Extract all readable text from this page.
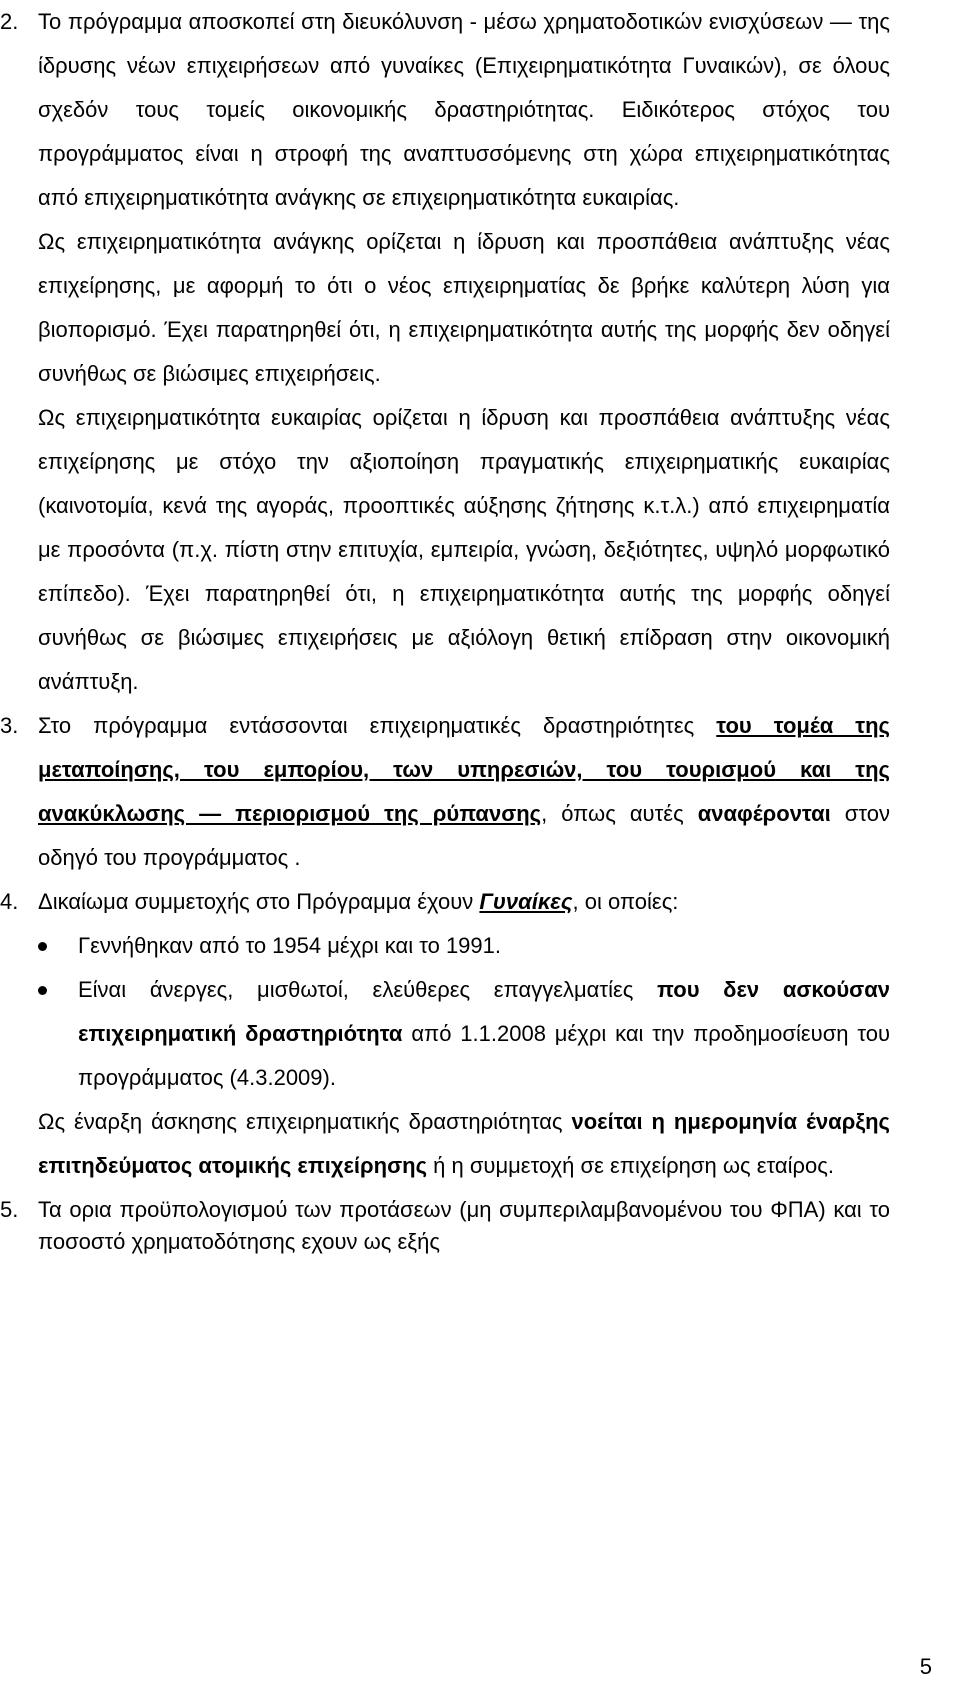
2. Το πρόγραμμα αποσκοπεί στη διευκόλυνση - μέσω χρηματοδοτικών ενισχύσεων — της ίδρυσης νέων επιχειρήσεων από γυναίκες (Επιχειρηματικότητα Γυναικών), σε όλους σχεδόν τους τομείς οικονομικής δραστηριότητας. Ειδικότερος στόχος του προγράμματος είναι η στροφή της αναπτυσσόμενης στη χώρα επιχειρηματικότητας από επιχειρηματικότητα ανάγκης σε επιχειρηματικότητα ευκαιρίας.

Ως επιχειρηματικότητα ανάγκης ορίζεται η ίδρυση και προσπάθεια ανάπτυξης νέας επιχείρησης, με αφορμή το ότι ο νέος επιχειρηματίας δε βρήκε καλύτερη λύση για βιοπορισμό. Έχει παρατηρηθεί ότι, η επιχειρηματικότητα αυτής της μορφής δεν οδηγεί συνήθως σε βιώσιμες επιχειρήσεις.

Ως επιχειρηματικότητα ευκαιρίας ορίζεται η ίδρυση και προσπάθεια ανάπτυξης νέας επιχείρησης με στόχο την αξιοποίηση πραγματικής επιχειρηματικής ευκαιρίας (καινοτομία, κενά της αγοράς, προοπτικές αύξησης ζήτησης κ.τ.λ.) από επιχειρηματία με προσόντα (π.χ. πίστη στην επιτυχία, εμπειρία, γνώση, δεξιότητες, υψηλό μορφωτικό επίπεδο). Έχει παρατηρηθεί ότι, η επιχειρηματικότητα αυτής της μορφής οδηγεί συνήθως σε βιώσιμες επιχειρήσεις με αξιόλογη θετική επίδραση στην οικονομική ανάπτυξη.

3. Στο πρόγραμμα εντάσσονται επιχειρηματικές δραστηριότητες του τομέα της μεταποίησης, του εμπορίου, των υπηρεσιών, του τουρισμού και της ανακύκλωσης — περιορισμού της ρύπανσης, όπως αυτές αναφέρονται στον οδηγό του προγράμματος .

4. Δικαίωμα συμμετοχής στο Πρόγραμμα έχουν Γυναίκες, οι οποίες:

Γεννήθηκαν από το 1954 μέχρι και το 1991.
Είναι άνεργες, μισθωτοί, ελεύθερες επαγγελματίες που δεν ασκούσαν επιχειρηματική δραστηριότητα από 1.1.2008 μέχρι και την προδημοσίευση του προγράμματος (4.3.2009).

Ως έναρξη άσκησης επιχειρηματικής δραστηριότητας νοείται η ημερομηνία έναρξης επιτηδεύματος ατομικής επιχείρησης ή η συμμετοχή σε επιχείρηση ως εταίρος.

5. Τα ορια προϋπολογισμού των προτάσεων (μη συμπεριλαμβανομένου του ΦΠΑ) και το ποσοστό χρηματοδότησης εχουν ως εξής

5
